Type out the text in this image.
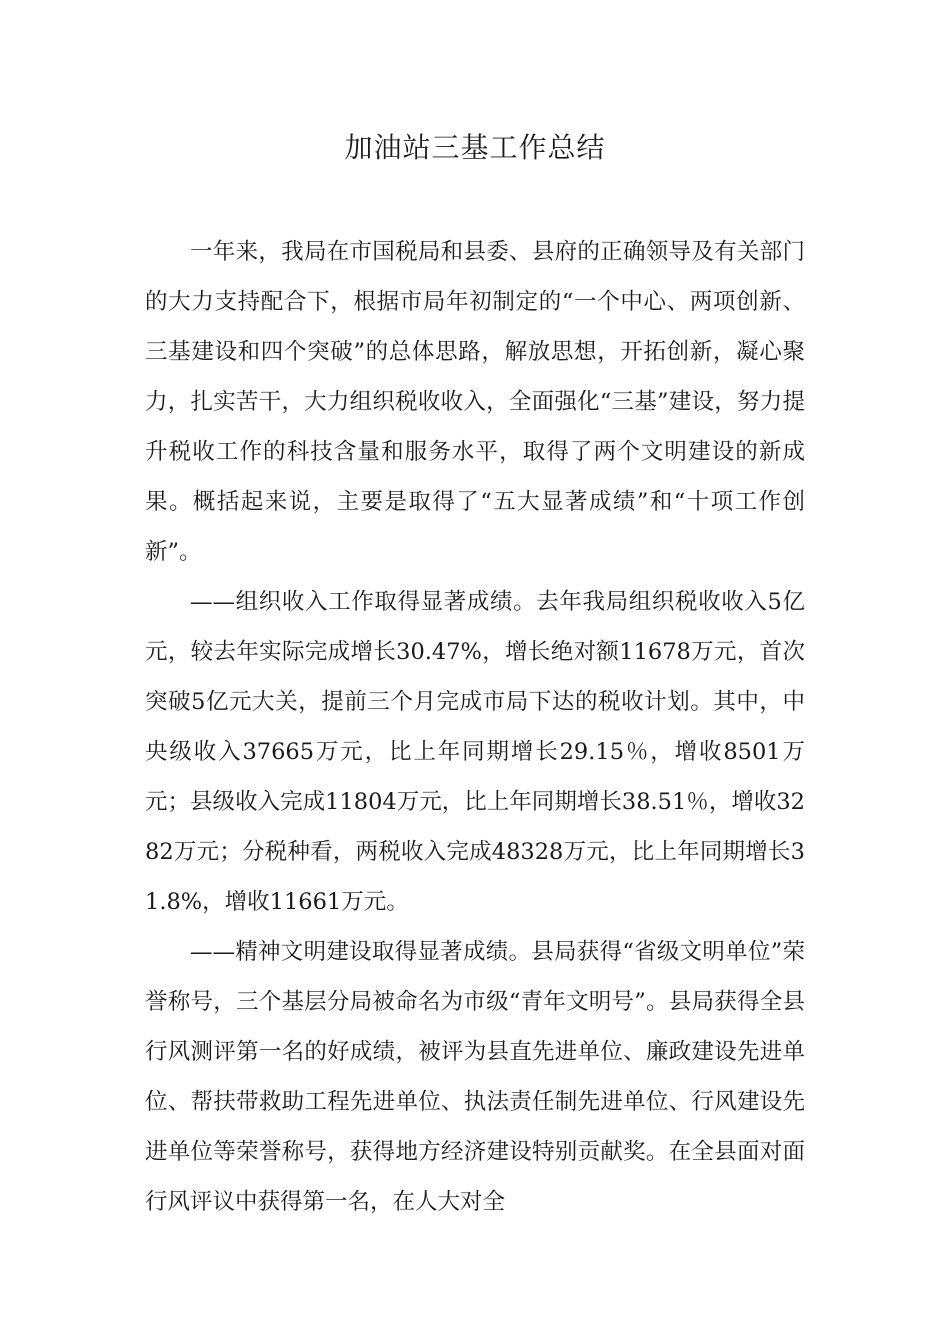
加油站三基工作总结

一年来，我局在市国税局和县委、县府的正确领导及有关部门的大力支持配合下，根据市局年初制定的“一个中心、两项创新、三基建设和四个突破”的总体思路，解放思想，开拓创新，凝心聚力，扎实苦干，大力组织税收收入，全面强化“三基”建设，努力提升税收工作的科技含量和服务水平，取得了两个文明建设的新成果。概括起来说，主要是取得了“五大显著成绩”和“十项工作创新”。

——组织收入工作取得显著成绩。去年我局组织税收收入5亿元，较去年实际完成增长30.47%，增长绝对额11678万元，首次突破5亿元大关，提前三个月完成市局下达的税收计划。其中，中央级收入37665万元，比上年同期增长29.15％，增收8501万元；县级收入完成11804万元，比上年同期增长38.51％，增收3282万元；分税种看，两税收入完成48328万元，比上年同期增长31.8%，增收11661万元。

——精神文明建设取得显著成绩。县局获得“省级文明单位”荣誉称号，三个基层分局被命名为市级“青年文明号”。县局获得全县行风测评第一名的好成绩，被评为县直先进单位、廉政建设先进单位、帮扶带救助工程先进单位、执法责任制先进单位、行风建设先进单位等荣誉称号，获得地方经济建设特别贡献奖。在全县面对面行风评议中获得第一名，在人大对全
